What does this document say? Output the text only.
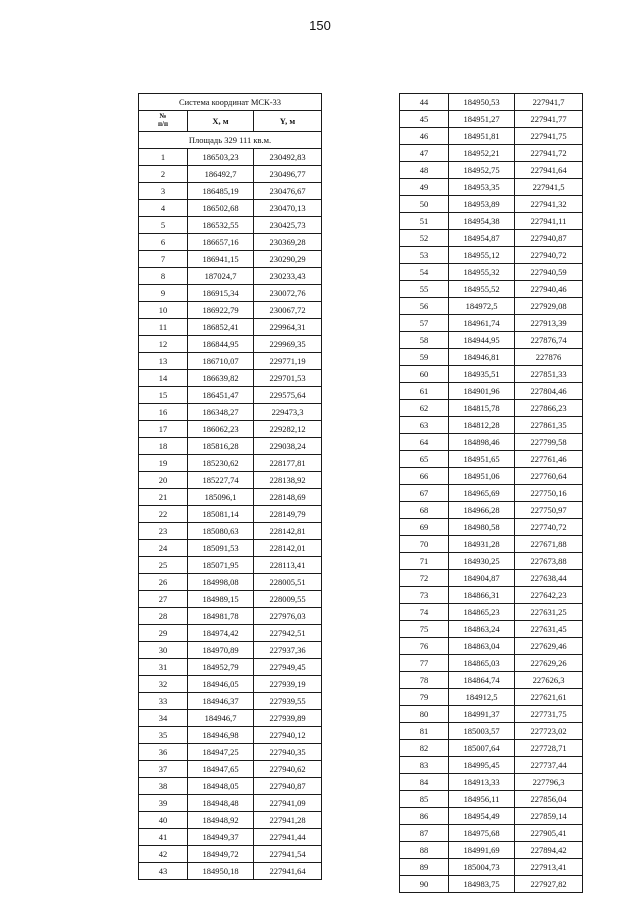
150
Система координат МСК-33		
№
п/п	X, м	Y, м
Площадь 329 111 кв.м.		
1	186503,23	230492,83
2	186492,7	230496,77
3	186485,19	230476,67
4	186502,68	230470,13
5	186532,55	230425,73
6	186657,16	230369,28
7	186941,15	230290,29
8	187024,7	230233,43
9	186915,34	230072,76
10	186922,79	230067,72
11	186852,41	229964,31
12	186844,95	229969,35
13	186710,07	229771,19
14	186639,82	229701,53
15	186451,47	229575,64
16	186348,27	229473,3
17	186062,23	229282,12
18	185816,28	229038,24
19	185230,62	228177,81
20	185227,74	228138,92
21	185096,1	228148,69
22	185081,14	228149,79
23	185080,63	228142,81
24	185091,53	228142,01
25	185071,95	228113,41
26	184998,08	228005,51
27	184989,15	228009,55
28	184981,78	227976,03
29	184974,42	227942,51
30	184970,89	227937,36
31	184952,79	227949,45
32	184946,05	227939,19
33	184946,37	227939,55
34	184946,7	227939,89
35	184946,98	227940,12
36	184947,25	227940,35
37	184947,65	227940,62
38	184948,05	227940,87
39	184948,48	227941,09
40	184948,92	227941,28
41	184949,37	227941,44
42	184949,72	227941,54
43	184950,18	227941,64
44	184950,53	227941,7
45	184951,27	227941,77
46	184951,81	227941,75
47	184952,21	227941,72
48	184952,75	227941,64
49	184953,35	227941,5
50	184953,89	227941,32
51	184954,38	227941,11
52	184954,87	227940,87
53	184955,12	227940,72
54	184955,32	227940,59
55	184955,52	227940,46
56	184972,5	227929,08
57	184961,74	227913,39
58	184944,95	227876,74
59	184946,81	227876
60	184935,51	227851,33
61	184901,96	227804,46
62	184815,78	227866,23
63	184812,28	227861,35
64	184898,46	227799,58
65	184951,65	227761,46
66	184951,06	227760,64
67	184965,69	227750,16
68	184966,28	227750,97
69	184980,58	227740,72
70	184931,28	227671,88
71	184930,25	227673,88
72	184904,87	227638,44
73	184866,31	227642,23
74	184865,23	227631,25
75	184863,24	227631,45
76	184863,04	227629,46
77	184865,03	227629,26
78	184864,74	227626,3
79	184912,5	227621,61
80	184991,37	227731,75
81	185003,57	227723,02
82	185007,64	227728,71
83	184995,45	227737,44
84	184913,33	227796,3
85	184956,11	227856,04
86	184954,49	227859,14
87	184975,68	227905,41
88	184991,69	227894,42
89	185004,73	227913,41
90	184983,75	227927,82
